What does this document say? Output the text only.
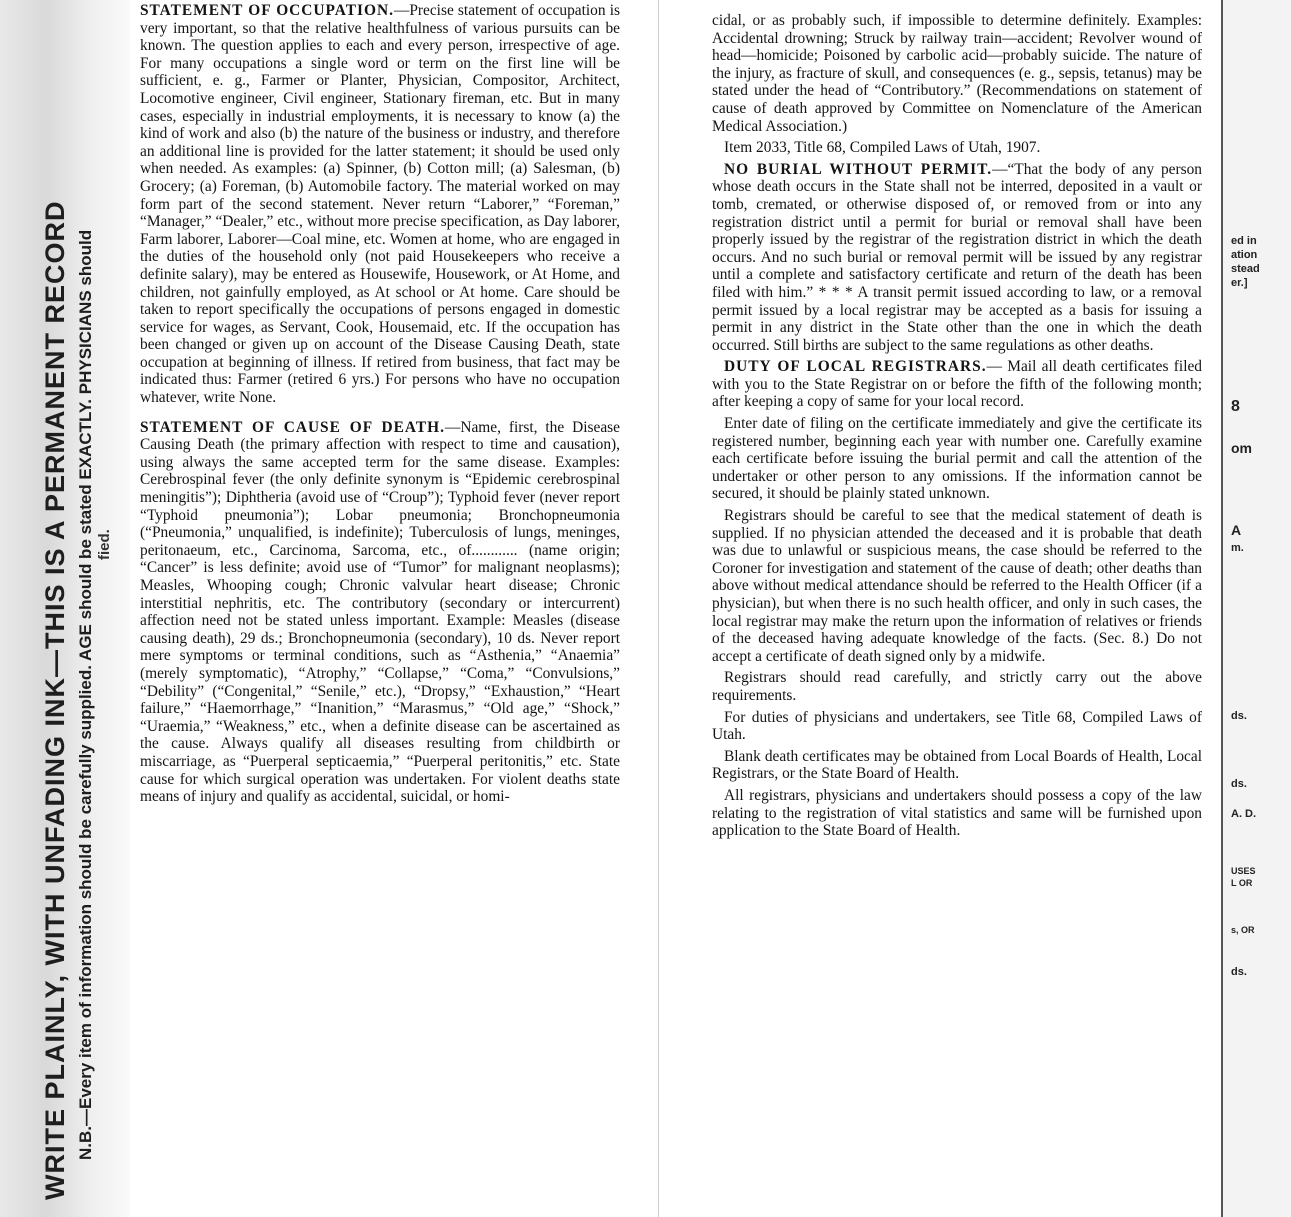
WRITE PLAINLY, WITH UNFADING INK—THIS IS A PERMANENT RECORD N.B.—Every item of information should be carefully supplied. AGE should be stated EXACTLY. PHYSICIANS should fied.

STATEMENT OF OCCUPATION.—Precise statement of occupation is very important, so that the relative healthfulness of various pursuits can be known. The question applies to each and every person, irrespective of age. For many occupations a single word or term on the first line will be sufficient, e. g., Farmer or Planter, Physician, Compositor, Architect, Locomotive engineer, Civil engineer, Stationary fireman, etc. But in many cases, especially in industrial employments, it is necessary to know (a) the kind of work and also (b) the nature of the business or industry, and therefore an additional line is provided for the latter statement; it should be used only when needed. As examples: (a) Spinner, (b) Cotton mill; (a) Salesman, (b) Grocery; (a) Foreman, (b) Automobile factory. The material worked on may form part of the second statement. Never return “Laborer,” “Foreman,” “Manager,” “Dealer,” etc., without more precise specification, as Day laborer, Farm laborer, Laborer—Coal mine, etc. Women at home, who are engaged in the duties of the household only (not paid Housekeepers who receive a definite salary), may be entered as Housewife, Housework, or At Home, and children, not gainfully employed, as At school or At home. Care should be taken to report specifically the occupations of persons engaged in domestic service for wages, as Servant, Cook, Housemaid, etc. If the occupation has been changed or given up on account of the Disease Causing Death, state occupation at beginning of illness. If retired from business, that fact may be indicated thus: Farmer (retired 6 yrs.) For persons who have no occupation whatever, write None.

STATEMENT OF CAUSE OF DEATH.—Name, first, the Disease Causing Death (the primary affection with respect to time and causation), using always the same accepted term for the same disease. Examples: Cerebrospinal fever (the only definite synonym is “Epidemic cerebrospinal meningitis”); Diphtheria (avoid use of “Croup”); Typhoid fever (never report “Typhoid pneumonia”); Lobar pneumonia; Bronchopneumonia (“Pneumonia,” unqualified, is indefinite); Tuberculosis of lungs, meninges, peritonaeum, etc., Carcinoma, Sarcoma, etc., of............ (name origin; “Cancer” is less definite; avoid use of “Tumor” for malignant neoplasms); Measles, Whooping cough; Chronic valvular heart disease; Chronic interstitial nephritis, etc. The contributory (secondary or intercurrent) affection need not be stated unless important. Example: Measles (disease causing death), 29 ds.; Bronchopneumonia (secondary), 10 ds. Never report mere symptoms or terminal conditions, such as “Asthenia,” “Anaemia” (merely symptomatic), “Atrophy,” “Collapse,” “Coma,” “Convulsions,” “Debility” (“Congenital,” “Senile,” etc.), “Dropsy,” “Exhaustion,” “Heart failure,” “Haemorrhage,” “Inanition,” “Marasmus,” “Old age,” “Shock,” “Uraemia,” “Weakness,” etc., when a definite disease can be ascertained as the cause. Always qualify all diseases resulting from childbirth or miscarriage, as “Puerperal septicaemia,” “Puerperal peritonitis,” etc. State cause for which surgical operation was undertaken. For violent deaths state means of injury and qualify as accidental, suicidal, or homi-

cidal, or as probably such, if impossible to determine definitely. Examples: Accidental drowning; Struck by railway train—accident; Revolver wound of head—homicide; Poisoned by carbolic acid—probably suicide. The nature of the injury, as fracture of skull, and consequences (e. g., sepsis, tetanus) may be stated under the head of “Contributory.” (Recommendations on statement of cause of death approved by Committee on Nomenclature of the American Medical Association.)

Item 2033, Title 68, Compiled Laws of Utah, 1907.

NO BURIAL WITHOUT PERMIT.—“That the body of any person whose death occurs in the State shall not be interred, deposited in a vault or tomb, cremated, or otherwise disposed of, or removed from or into any registration district until a permit for burial or removal shall have been properly issued by the registrar of the registration district in which the death occurs. And no such burial or removal permit will be issued by any registrar until a complete and satisfactory certificate and return of the death has been filed with him.” * * * A transit permit issued according to law, or a removal permit issued by a local registrar may be accepted as a basis for issuing a permit in any district in the State other than the one in which the death occurred. Still births are subject to the same regulations as other deaths.

DUTY OF LOCAL REGISTRARS.— Mail all death certificates filed with you to the State Registrar on or before the fifth of the following month; after keeping a copy of same for your local record.

Enter date of filing on the certificate immediately and give the certificate its registered number, beginning each year with number one. Carefully examine each certificate before issuing the burial permit and call the attention of the undertaker or other person to any omissions. If the information cannot be secured, it should be plainly stated unknown.

Registrars should be careful to see that the medical statement of death is supplied. If no physician attended the deceased and it is probable that death was due to unlawful or suspicious means, the case should be referred to the Coroner for investigation and statement of the cause of death; other deaths than above without medical attendance should be referred to the Health Officer (if a physician), but when there is no such health officer, and only in such cases, the local registrar may make the return upon the information of relatives or friends of the deceased having adequate knowledge of the facts. (Sec. 8.) Do not accept a certificate of death signed only by a midwife.

Registrars should read carefully, and strictly carry out the above requirements.

For duties of physicians and undertakers, see Title 68, Compiled Laws of Utah.

Blank death certificates may be obtained from Local Boards of Health, Local Registrars, or the State Board of Health.

All registrars, physicians and undertakers should possess a copy of the law relating to the registration of vital statistics and same will be furnished upon application to the State Board of Health.

ed in
ation
stead
er.]
8
om
A
m.
ds.
ds.
A. D.
USES
L OR
s, OR
ds.
